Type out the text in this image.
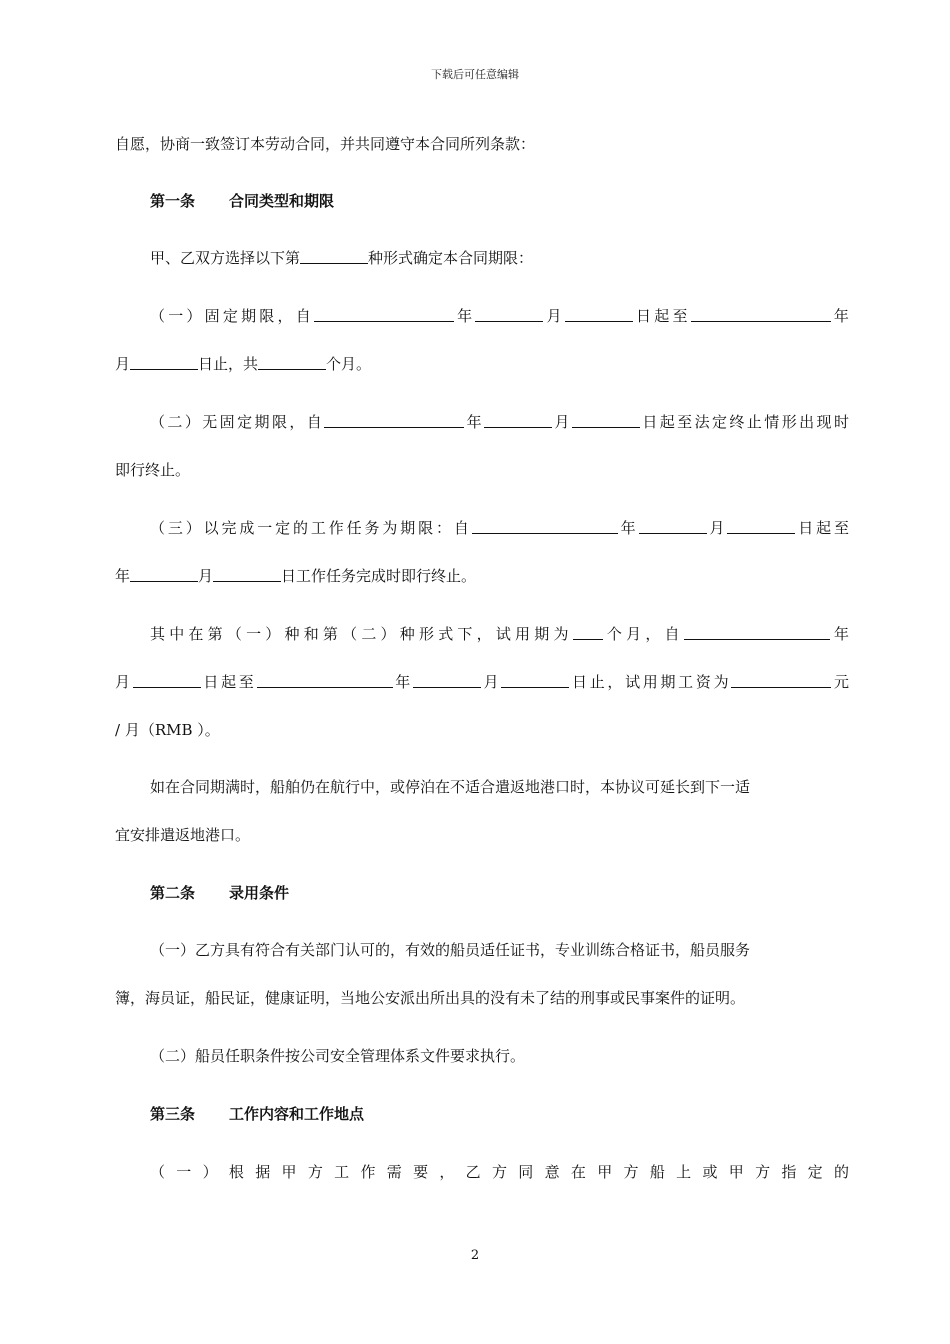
下载后可任意编辑
自愿，协商一致签订本劳动合同，并共同遵守本合同所列条款：
第一条 合同类型和期限
甲、乙双方选择以下第	种形式确定本合同期限：
（一）固定期限，自	年	月	日起至	年
月	日止，共	个月。
（二）无固定期限，自	年	月	日起至法定终止情形出现时
即行终止。
（三）以完成一定的工作任务为期限：自	年	月	日起至
年	月	日工作任务完成时即行终止。
其中在第（一）种和第（二）种形式下，试用期为 个月，自	年
月	日起至	年	月	日止，试用期工资为	元
/ 月（RMB ）。
如在合同期满时，船舶仍在航行中，或停泊在不适合遣返地港口时，本协议可延长到下一适
宜安排遣返地港口。
第二条 录用条件
（一）乙方具有符合有关部门认可的，有效的船员适任证书，专业训练合格证书，船员服务
簿，海员证，船民证，健康证明，当地公安派出所出具的没有未了结的刑事或民事案件的证明。
（二）船员任职条件按公司安全管理体系文件要求执行。
第三条 工作内容和工作地点
（一）根据甲方工作需要，乙方同意在甲方船上或甲方指定的
2
